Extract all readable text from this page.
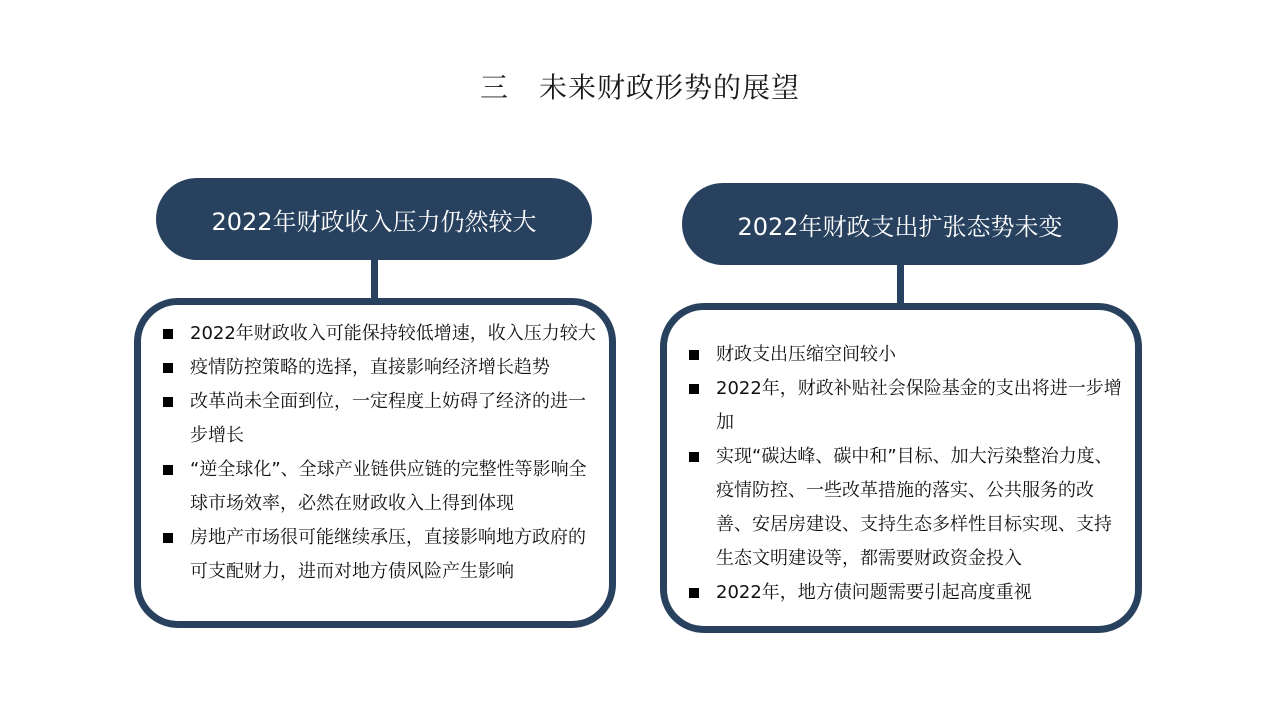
三 未来财政形势的展望
2022年财政收入压力仍然较大
2022年财政收入可能保持较低增速，收入压力较大
疫情防控策略的选择，直接影响经济增长趋势
改革尚未全面到位，一定程度上妨碍了经济的进一步增长
“逆全球化”、全球产业链供应链的完整性等影响全球市场效率，必然在财政收入上得到体现
房地产市场很可能继续承压，直接影响地方政府的可支配财力，进而对地方债风险产生影响
2022年财政支出扩张态势未变
财政支出压缩空间较小
2022年，财政补贴社会保险基金的支出将进一步增加
实现“碳达峰、碳中和”目标、加大污染整治力度、疫情防控、一些改革措施的落实、公共服务的改善、安居房建设、支持生态多样性目标实现、支持生态文明建设等，都需要财政资金投入
2022年，地方债问题需要引起高度重视
